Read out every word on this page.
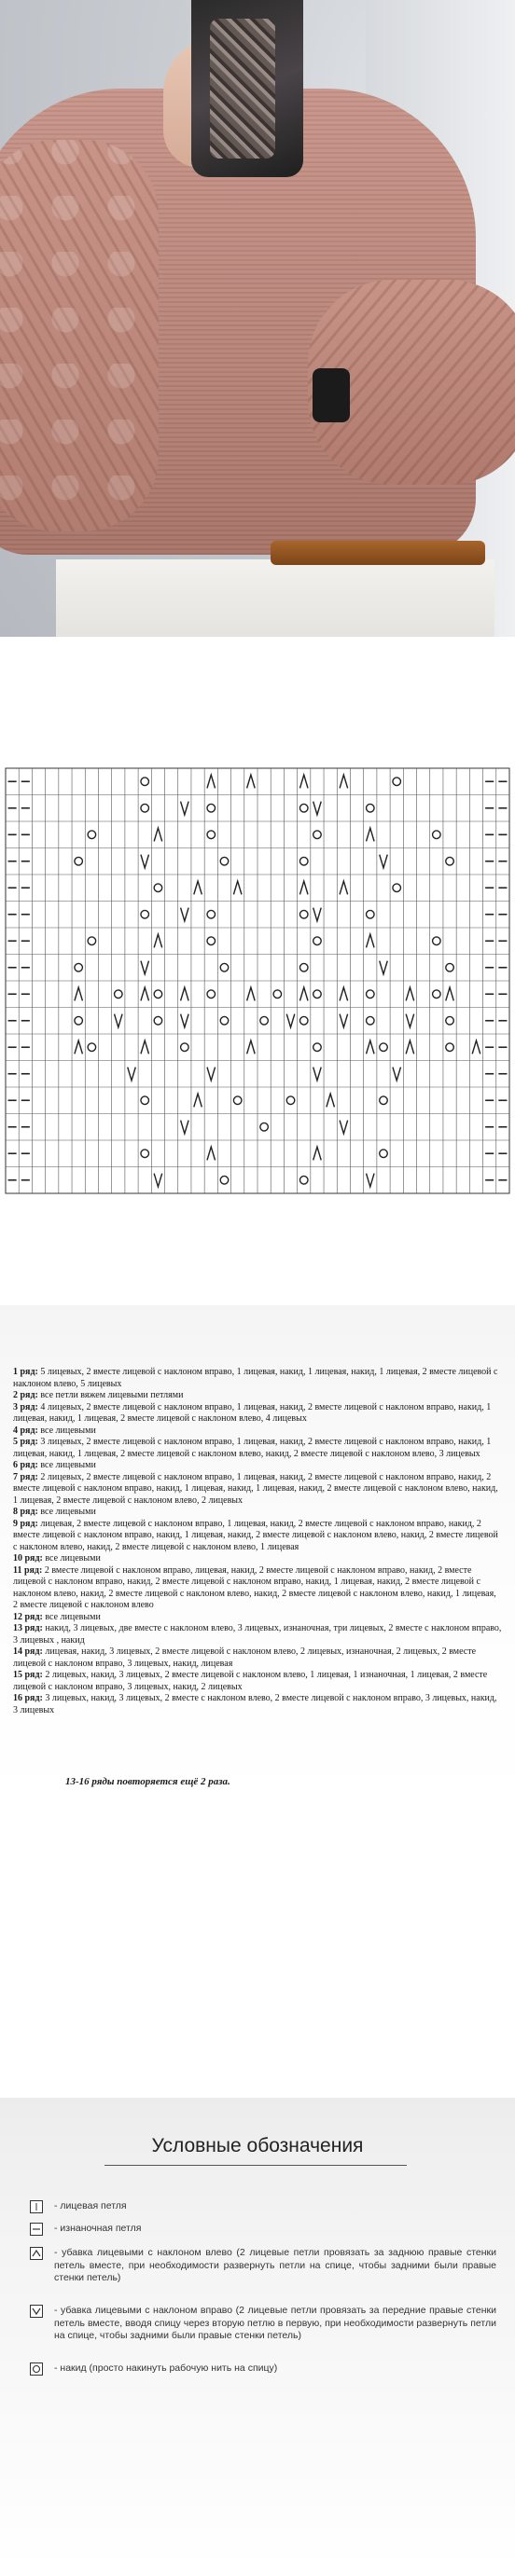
1 ряд: 5 лицевых, 2 вместе лицевой с наклоном вправо, 1 лицевая, накид, 1 лицевая, накид, 1 лицевая, 2 вместе лицевой с наклоном влево, 5 лицевых

2 ряд: все петли вяжем лицевыми петлями

3 ряд: 4 лицевых, 2 вместе лицевой с наклоном вправо, 1 лицевая, накид, 2 вместе лицевой с наклоном вправо, накид, 1 лицевая, накид, 1 лицевая, 2 вместе лицевой с наклоном влево, 4 лицевых

4 ряд: все лицевыми

5 ряд: 3 лицевых, 2 вместе лицевой с наклоном вправо, 1 лицевая, накид, 2 вместе лицевой с наклоном вправо, накид, 1 лицевая, накид, 1 лицевая, 2 вместе лицевой с наклоном влево, накид, 2 вместе лицевой с наклоном влево, 3 лицевых

6 ряд: все лицевыми

7 ряд: 2 лицевых, 2 вместе лицевой с наклоном вправо, 1 лицевая, накид, 2 вместе лицевой с наклоном вправо, накид, 2 вместе лицевой с наклоном вправо, накид, 1 лицевая, накид, 1 лицевая, накид, 2 вместе лицевой с наклоном влево, накид, 1 лицевая, 2 вместе лицевой с наклоном влево, 2 лицевых

8 ряд: все лицевыми

9 ряд: лицевая, 2 вместе лицевой с наклоном вправо, 1 лицевая, накид, 2 вместе лицевой с наклоном вправо, накид, 2 вместе лицевой с наклоном вправо, накид, 1 лицевая, накид, 2 вместе лицевой с наклоном влево, накид, 2 вместе лицевой с наклоном влево, накид, 2 вместе лицевой с наклоном влево, 1 лицевая

10 ряд: все лицевыми

11 ряд: 2 вместе лицевой с наклоном вправо, лицевая, накид, 2 вместе лицевой с наклоном вправо, накид, 2 вместе лицевой с наклоном вправо, накид, 2 вместе лицевой с наклоном вправо, накид, 1 лицевая, накид, 2 вместе лицевой с наклоном влево, накид, 2 вместе лицевой с наклоном влево, накид, 2 вместе лицевой с наклоном влево, накид, 1 лицевая, 2 вместе лицевой с наклоном влево

12 ряд: все лицевыми

13 ряд: накид, 3 лицевых, две вместе с наклоном влево, 3 лицевых, изнаночная, три лицевых, 2 вместе с наклоном вправо, 3 лицевых , накид

14 ряд: лицевая, накид, 3 лицевых, 2 вместе лицевой с наклоном влево, 2 лицевых, изнаночная, 2 лицевых, 2 вместе лицевой с наклоном вправо, 3 лицевых, накид, лицевая

15 ряд: 2 лицевых, накид, 3 лицевых, 2 вместе лицевой с наклоном влево, 1 лицевая, 1 изнаночная, 1 лицевая, 2 вместе лицевой с наклоном вправо, 3 лицевых, накид, 2 лицевых

16 ряд: 3 лицевых, накид, 3 лицевых, 2 вместе с наклоном влево, 2 вместе лицевой с наклоном вправо, 3 лицевых, накид, 3 лицевых

13-16 ряды повторяется ещё 2 раза.
Условные обозначения
- лицевая петля
- изнаночная петля
- убавка лицевыми с наклоном влево (2 лицевые петли провязать за заднюю правые стенки петель вместе, при необходимости развернуть петли на спице, чтобы задними были правые стенки петель)
- убавка лицевыми с наклоном вправо (2 лицевые петли провязать за передние правые стенки петель вместе, вводя спицу через вторую петлю в первую, при необходимости развернуть петли на спице, чтобы задними были правые стенки петель)
- накид (просто накинуть рабочую нить на спицу)
